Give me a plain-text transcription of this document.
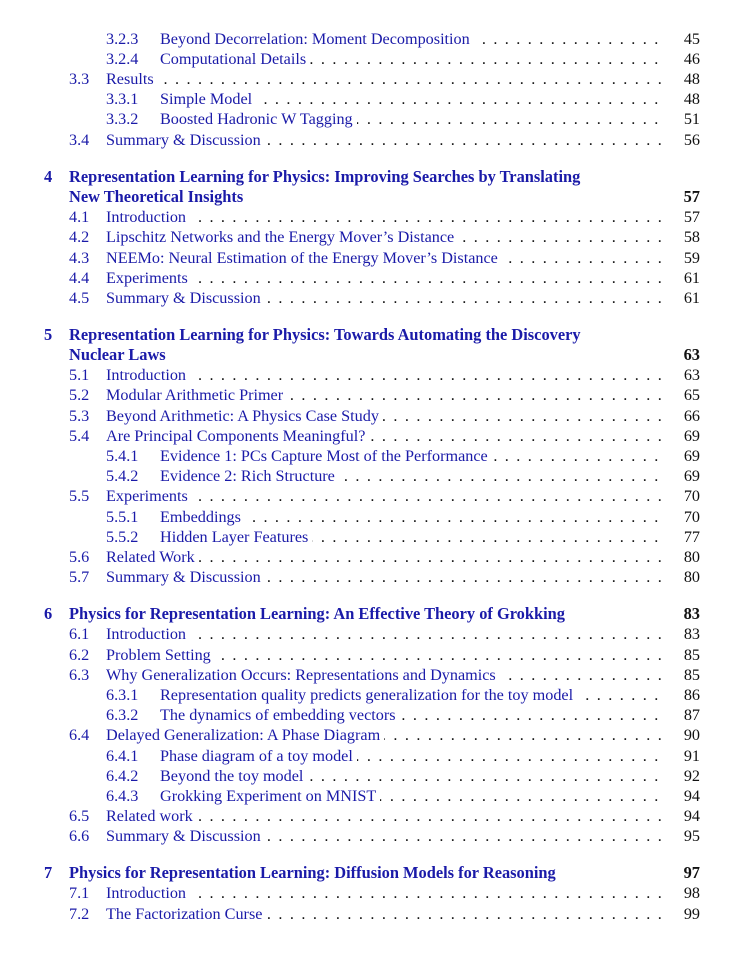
3.2.3 . . . Beyond Decorrelation: Moment Decomposition	45
3.2.4 . . . Computational Details	46
3.3 . . . Results	48
3.3.1 . . . Simple Model	48
3.3.2 . . . Boosted Hadronic W Tagging	51
3.4 . . . Summary & Discussion	56
4 Representation Learning for Physics: Improving Searches by Translating
New Theoretical Insights	57
4.1 . . . Introduction	57
4.2 . . . Lipschitz Networks and the Energy Mover’s Distance	58
4.3 . . . NEEMo: Neural Estimation of the Energy Mover’s Distance	59
4.4 . . . Experiments	61
4.5 . . . Summary & Discussion	61
5 Representation Learning for Physics: Towards Automating the Discovery
Nuclear Laws	63
5.1 . . . Introduction	63
5.2 . . . Modular Arithmetic Primer	65
5.3 . . . Beyond Arithmetic: A Physics Case Study	66
5.4 . . . Are Principal Components Meaningful?	69
5.4.1 . . . Evidence 1: PCs Capture Most of the Performance	69
5.4.2 . . . Evidence 2: Rich Structure	69
5.5 . . . Experiments	70
5.5.1 . . . Embeddings	70
5.5.2 . . . Hidden Layer Features	77
5.6 . . . Related Work	80
5.7 . . . Summary & Discussion	80
6 Physics for Representation Learning: An Effective Theory of Grokking	83
6.1 . . . Introduction	83
6.2 . . . Problem Setting	85
6.3 . . . Why Generalization Occurs: Representations and Dynamics	85
6.3.1 . . . Representation quality predicts generalization for the toy model	86
6.3.2 . . . The dynamics of embedding vectors	87
6.4 . . . Delayed Generalization: A Phase Diagram	90
6.4.1 . . . Phase diagram of a toy model	91
6.4.2 . . . Beyond the toy model	92
6.4.3 . . . Grokking Experiment on MNIST	94
6.5 . . . Related work	94
6.6 . . . Summary & Discussion	95
7 Physics for Representation Learning: Diffusion Models for Reasoning	97
7.1 . . . Introduction	98
7.2 . . . The Factorization Curse	99
